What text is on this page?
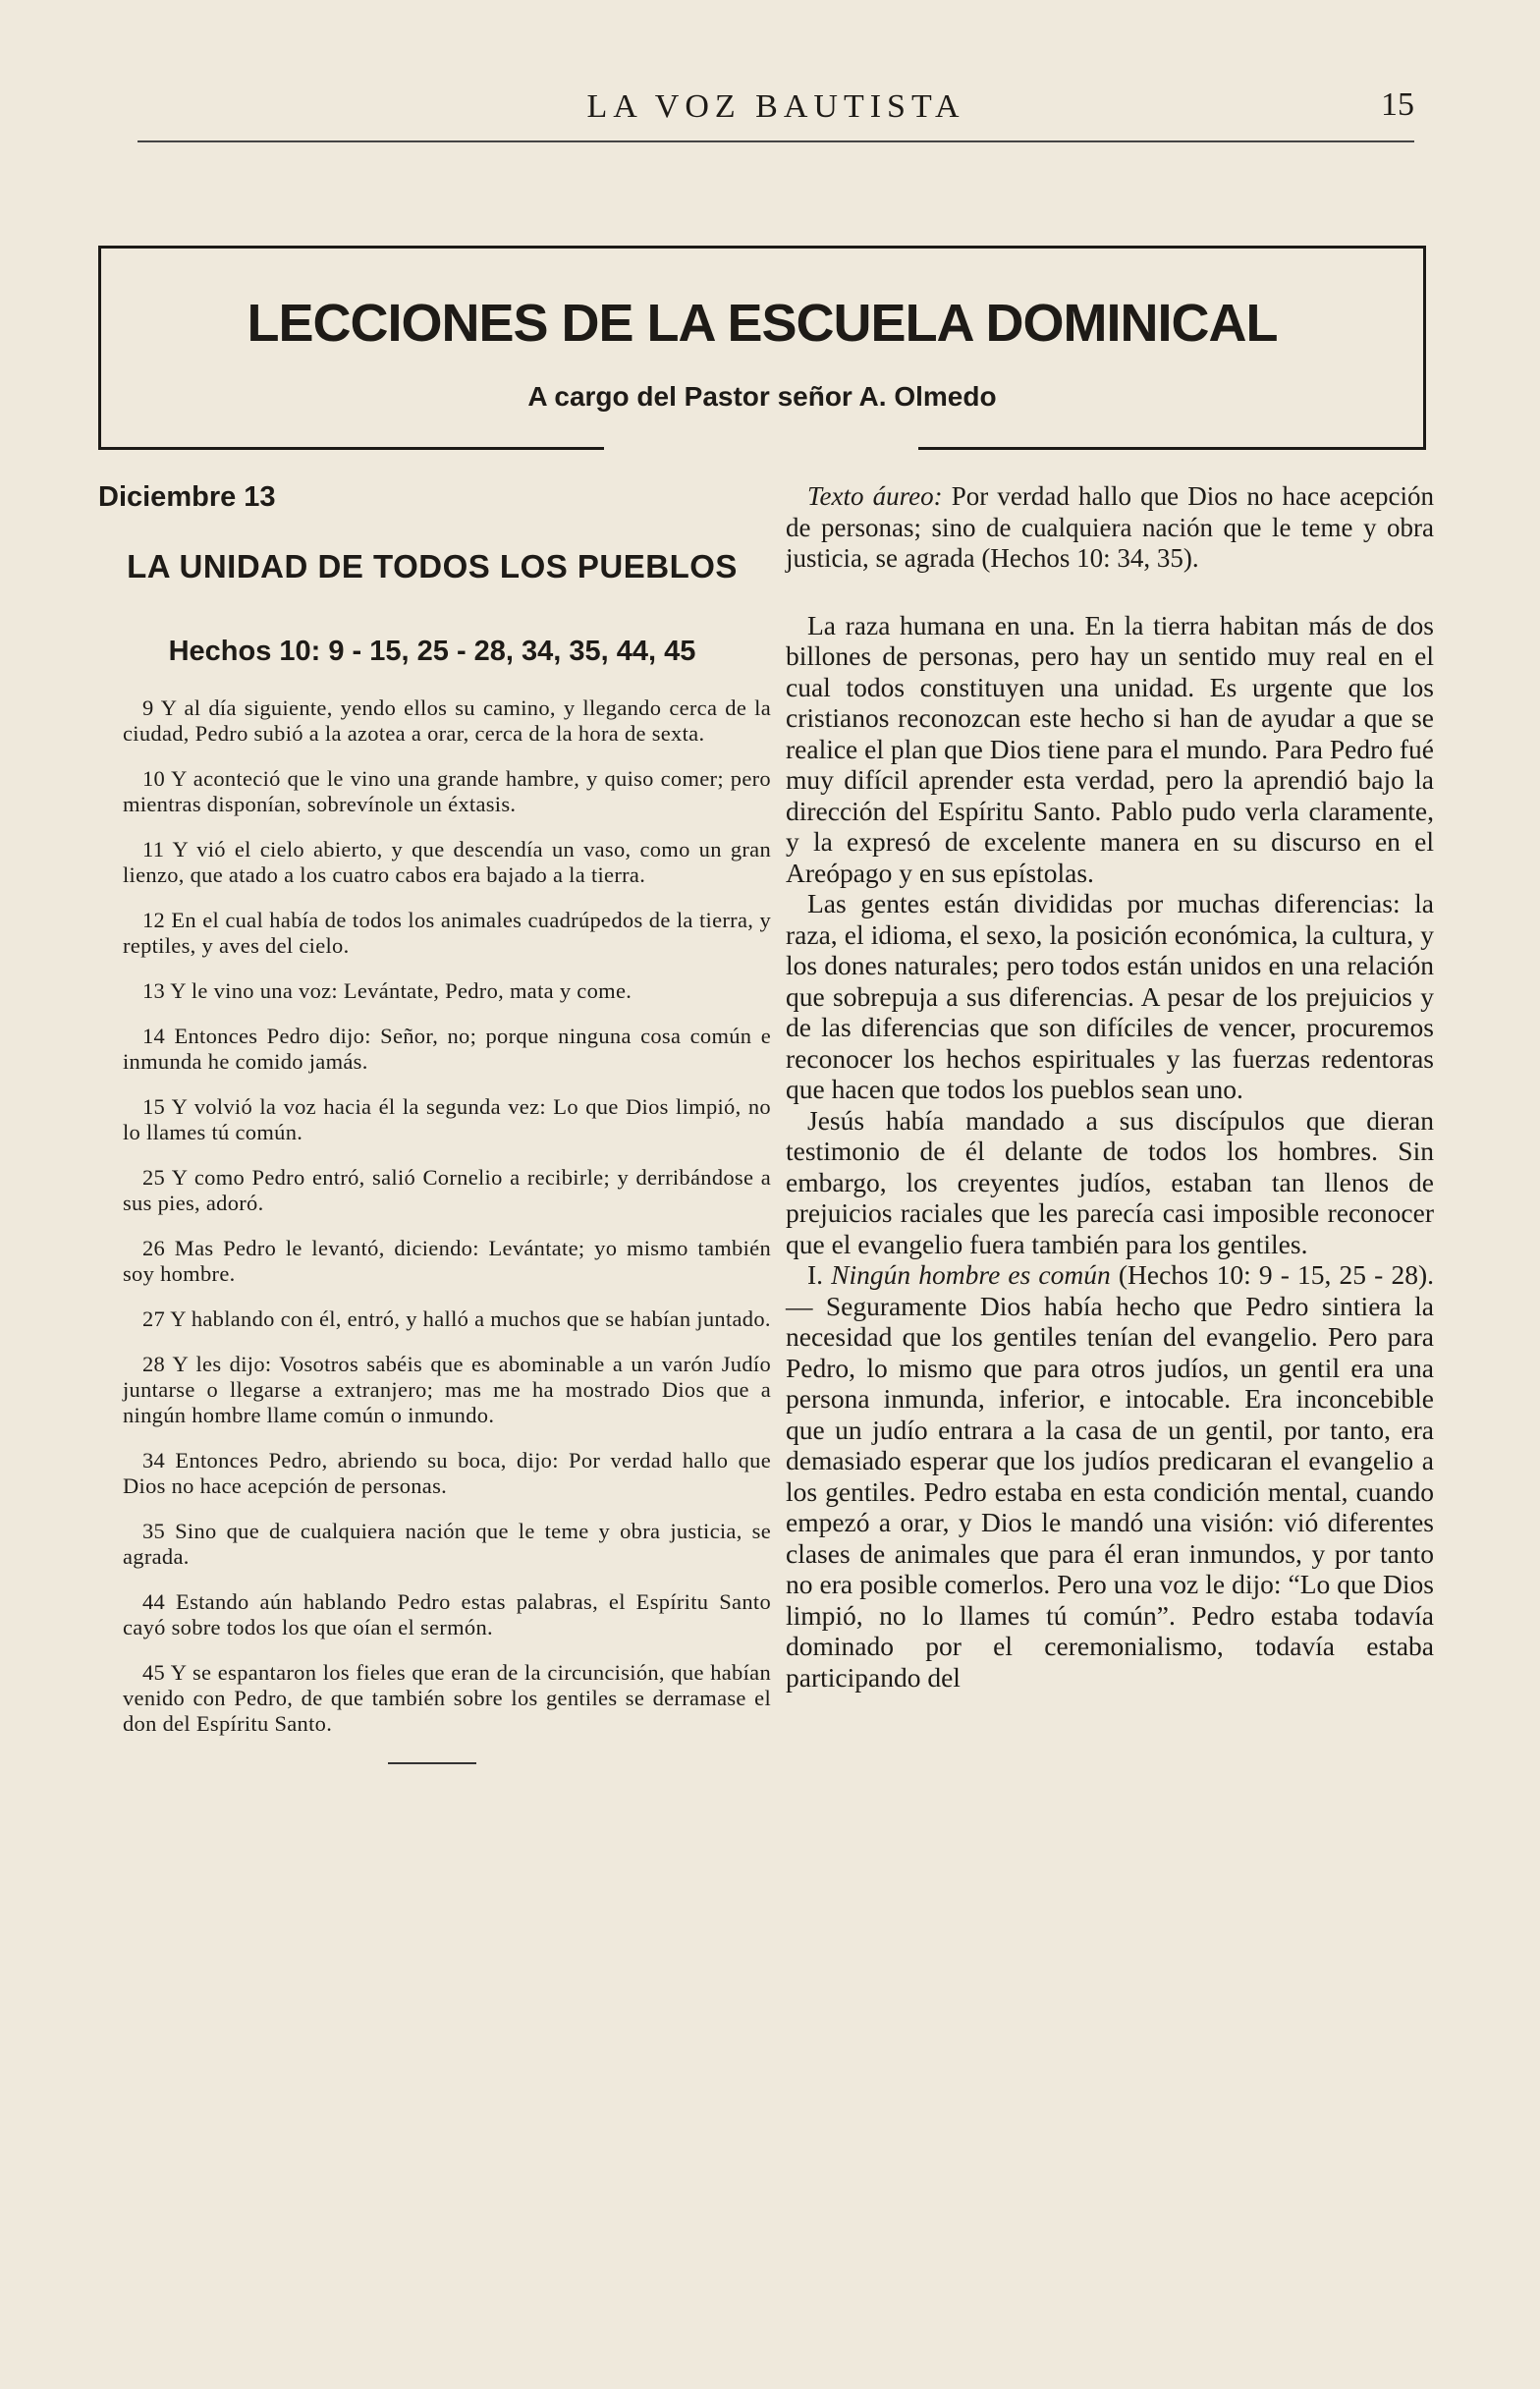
LA VOZ BAUTISTA	15
LECCIONES DE LA ESCUELA DOMINICAL
A cargo del Pastor señor A. Olmedo
Diciembre 13
LA UNIDAD DE TODOS LOS PUEBLOS
Hechos 10: 9 - 15, 25 - 28, 34, 35, 44, 45

9 Y al día siguiente, yendo ellos su camino, y llegando cerca de la ciudad, Pedro subió a la azotea a orar, cerca de la hora de sexta.

10 Y aconteció que le vino una grande hambre, y quiso comer; pero mientras disponían, sobrevínole un éxtasis.

11 Y vió el cielo abierto, y que descendía un vaso, como un gran lienzo, que atado a los cuatro cabos era bajado a la tierra.

12 En el cual había de todos los animales cuadrúpedos de la tierra, y reptiles, y aves del cielo.

13 Y le vino una voz: Levántate, Pedro, mata y come.

14 Entonces Pedro dijo: Señor, no; porque ninguna cosa común e inmunda he comido jamás.

15 Y volvió la voz hacia él la segunda vez: Lo que Dios limpió, no lo llames tú común.

25 Y como Pedro entró, salió Cornelio a recibirle; y derribándose a sus pies, adoró.

26 Mas Pedro le levantó, diciendo: Levántate; yo mismo también soy hombre.

27 Y hablando con él, entró, y halló a muchos que se habían juntado.

28 Y les dijo: Vosotros sabéis que es abominable a un varón Judío juntarse o llegarse a extranjero; mas me ha mostrado Dios que a ningún hombre llame común o inmundo.

34 Entonces Pedro, abriendo su boca, dijo: Por verdad hallo que Dios no hace acepción de personas.

35 Sino que de cualquiera nación que le teme y obra justicia, se agrada.

44 Estando aún hablando Pedro estas palabras, el Espíritu Santo cayó sobre todos los que oían el sermón.

45 Y se espantaron los fieles que eran de la circuncisión, que habían venido con Pedro, de que también sobre los gentiles se derramase el don del Espíritu Santo.

Texto áureo: Por verdad hallo que Dios no hace acepción de personas; sino de cualquiera nación que le teme y obra justicia, se agrada (Hechos 10: 34, 35).

La raza humana en una. En la tierra habitan más de dos billones de personas, pero hay un sentido muy real en el cual todos constituyen una unidad. Es urgente que los cristianos reconozcan este hecho si han de ayudar a que se realice el plan que Dios tiene para el mundo. Para Pedro fué muy difícil aprender esta verdad, pero la aprendió bajo la dirección del Espíritu Santo. Pablo pudo verla claramente, y la expresó de excelente manera en su discurso en el Areópago y en sus epístolas.

Las gentes están divididas por muchas diferencias: la raza, el idioma, el sexo, la posición económica, la cultura, y los dones naturales; pero todos están unidos en una relación que sobrepuja a sus diferencias. A pesar de los prejuicios y de las diferencias que son difíciles de vencer, procuremos reconocer los hechos espirituales y las fuerzas redentoras que hacen que todos los pueblos sean uno.

Jesús había mandado a sus discípulos que dieran testimonio de él delante de todos los hombres. Sin embargo, los creyentes judíos, estaban tan llenos de prejuicios raciales que les parecía casi imposible reconocer que el evangelio fuera también para los gentiles.

I. Ningún hombre es común (Hechos 10: 9 - 15, 25 - 28). — Seguramente Dios había hecho que Pedro sintiera la necesidad que los gentiles tenían del evangelio. Pero para Pedro, lo mismo que para otros judíos, un gentil era una persona inmunda, inferior, e intocable. Era inconcebible que un judío entrara a la casa de un gentil, por tanto, era demasiado esperar que los judíos predicaran el evangelio a los gentiles. Pedro estaba en esta condición mental, cuando empezó a orar, y Dios le mandó una visión: vió diferentes clases de animales que para él eran inmundos, y por tanto no era posible comerlos. Pero una voz le dijo: “Lo que Dios limpió, no lo llames tú común”. Pedro estaba todavía dominado por el ceremonialismo, todavía estaba participando del
